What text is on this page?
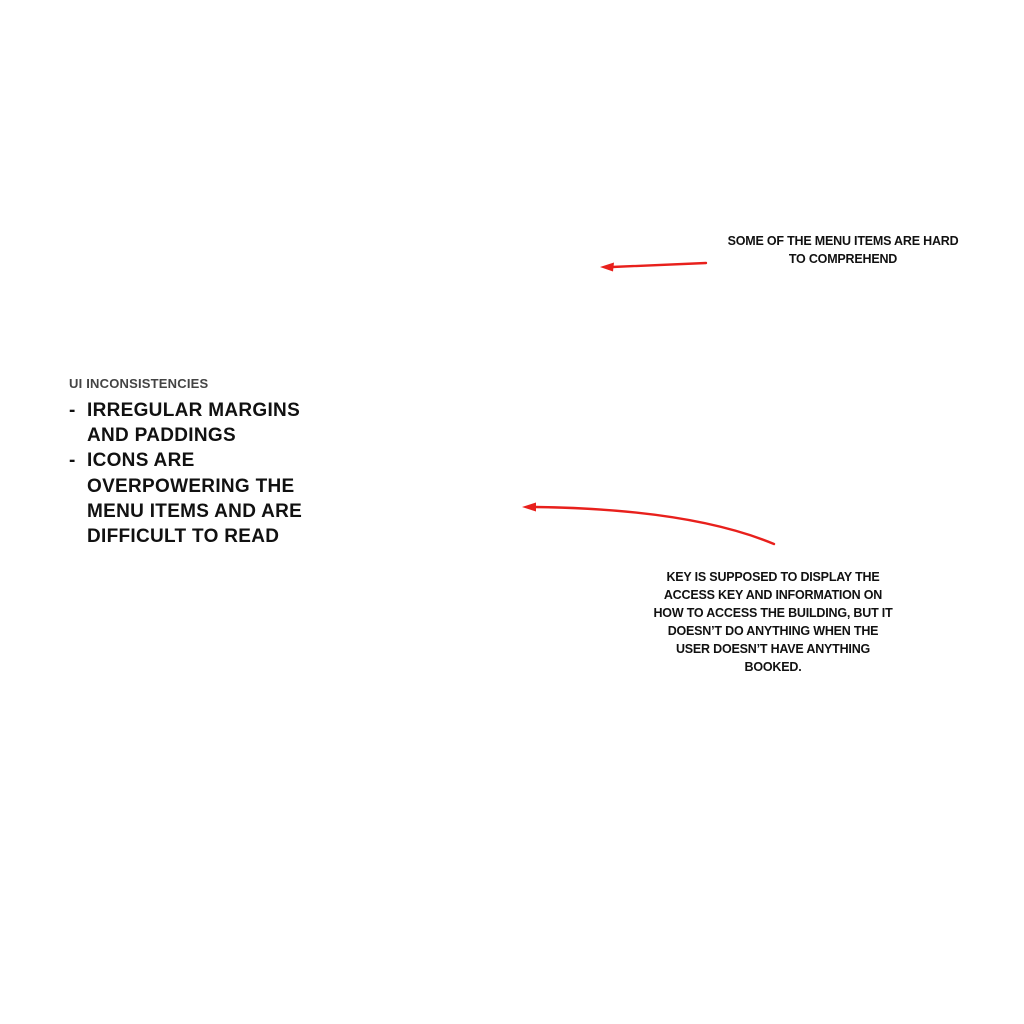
UI INCONSISTENCIES
- IRREGULAR MARGINS AND PADDINGS
- ICONS ARE OVERPOWERING THE MENU ITEMS AND ARE DIFFICULT TO READ
SOME OF THE MENU ITEMS ARE HARD TO COMPREHEND
KEY IS SUPPOSED TO DISPLAY THE ACCESS KEY AND INFORMATION ON HOW TO ACCESS THE BUILDING, BUT IT DOESN’T DO ANYTHING WHEN THE USER DOESN’T HAVE ANYTHING BOOKED.
